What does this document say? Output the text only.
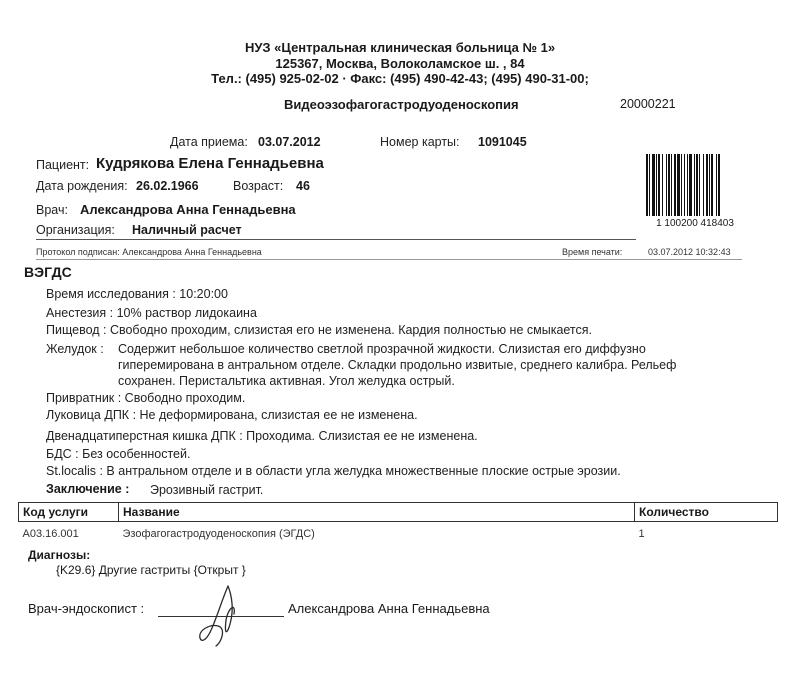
НУЗ «Центральная клиническая больница № 1»
125367, Москва, Волоколамское ш. , 84
Тел.: (495) 925-02-02 · Факс: (495) 490-42-43; (495) 490-31-00;
Видеоэзофагогастродуоденоскопия	20000221
Дата приема: 03.07.2012	Номер карты: 1091045
Пациент: Кудрякова Елена Геннадьевна
Дата рождения: 26.02.1966	Возраст: 46
Врач: Александрова Анна Геннадьевна
Организация: Наличный расчет	1 100200 418403
Протокол подписан: Александрова Анна Геннадьевна	Время печати:	03.07.2012 10:32:43
ВЭГДС
Время исследования : 10:20:00
Анестезия : 10% раствор лидокаина
Пищевод : Свободно проходим, слизистая его не изменена. Кардия полностью не смыкается.
Желудок : Содержит небольшое количество светлой прозрачной жидкости. Слизистая его диффузно
гиперемирована в антральном отделе. Складки продольно извитые, среднего калибра. Рельеф
сохранен. Перистальтика активная. Угол желудка острый.
Привратник : Свободно проходим.
Луковица ДПК : Не деформирована, слизистая ее не изменена.
Двенадцатиперстная кишка ДПК : Проходима. Слизистая ее не изменена.
БДС : Без особенностей.
St.localis : В антральном отделе и в области угла желудка множественные плоские острые эрозии.
Заключение : Эрозивный гастрит.
Код услуги	Название	Количество
A03.16.001	Эзофагогастродуоденоскопия (ЭГДС)	1
Диагнозы:
{K29.6} Другие гастриты {Открыт }
Врач-эндоскопист :	Александрова Анна Геннадьевна
